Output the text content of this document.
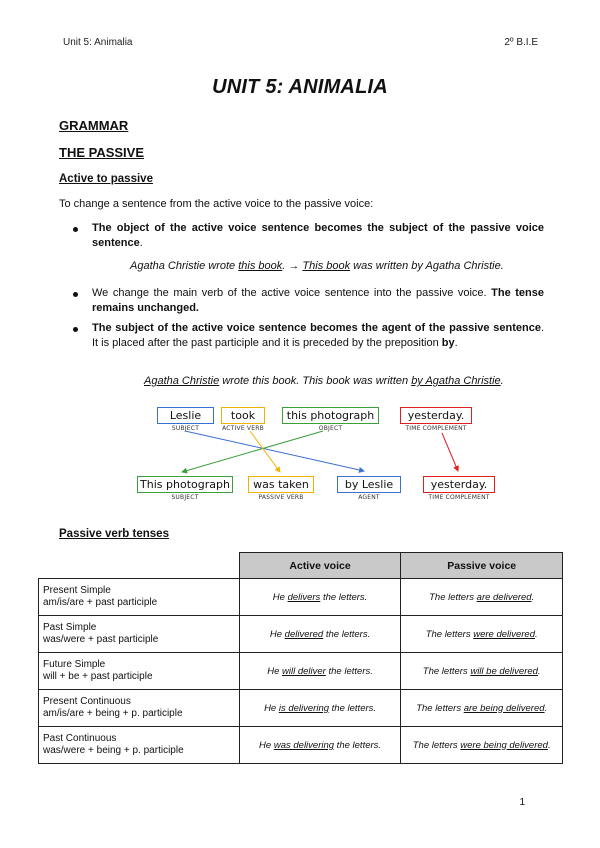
Unit 5: Animalia	2º B.I.E
UNIT 5: ANIMALIA
GRAMMAR
THE PASSIVE
Active to passive
To change a sentence from the active voice to the passive voice:
The object of the active voice sentence becomes the subject of the passive voice sentence.
Agatha Christie wrote this book. → This book was written by Agatha Christie.
We change the main verb of the active voice sentence into the passive voice. The tense remains unchanged.
The subject of the active voice sentence becomes the agent of the passive sentence. It is placed after the past participle and it is preceded by the preposition by.
Agatha Christie wrote this book. This book was written by Agatha Christie.
Leslie
SUBJECT
took
ACTIVE VERB
this photograph
OBJECT
yesterday.
TIME COMPLEMENT
This photograph
SUBJECT
was taken
PASSIVE VERB
by Leslie
AGENT
yesterday.
TIME COMPLEMENT
Passive verb tenses
	Active voice	Passive voice
Present Simple
am/is/are + past participle	He delivers the letters.	The letters are delivered.
Past Simple
was/were + past participle	He delivered the letters.	The letters were delivered.
Future Simple
will + be + past participle	He will deliver the letters.	The letters will be delivered.
Present Continuous
am/is/are + being + p. participle	He is delivering the letters.	The letters are being delivered.
Past Continuous
was/were + being + p. participle	He was delivering the letters.	The letters were being delivered.
1
